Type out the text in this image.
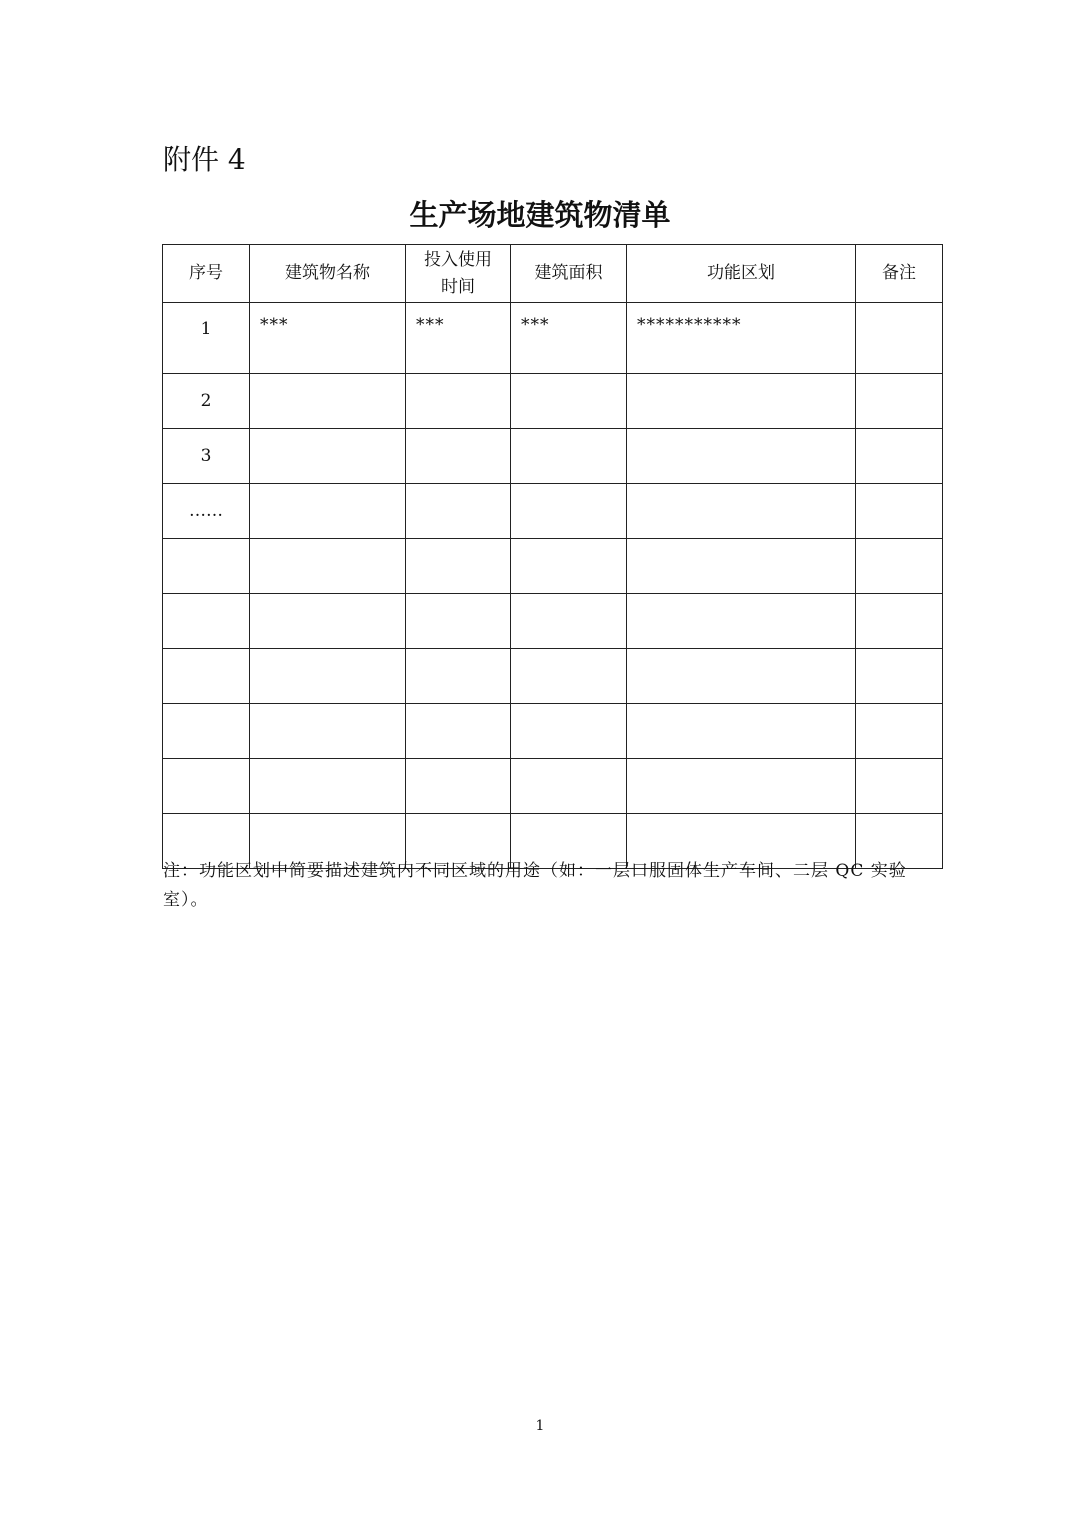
附件 4
生产场地建筑物清单
序号	建筑物名称	投入使用时间	建筑面积	功能区划	备注
1	***	***	***	***********	
2					
3					
……					

注：功能区划中简要描述建筑内不同区域的用途（如：一层口服固体生产车间、二层 QC 实验室）。
1
